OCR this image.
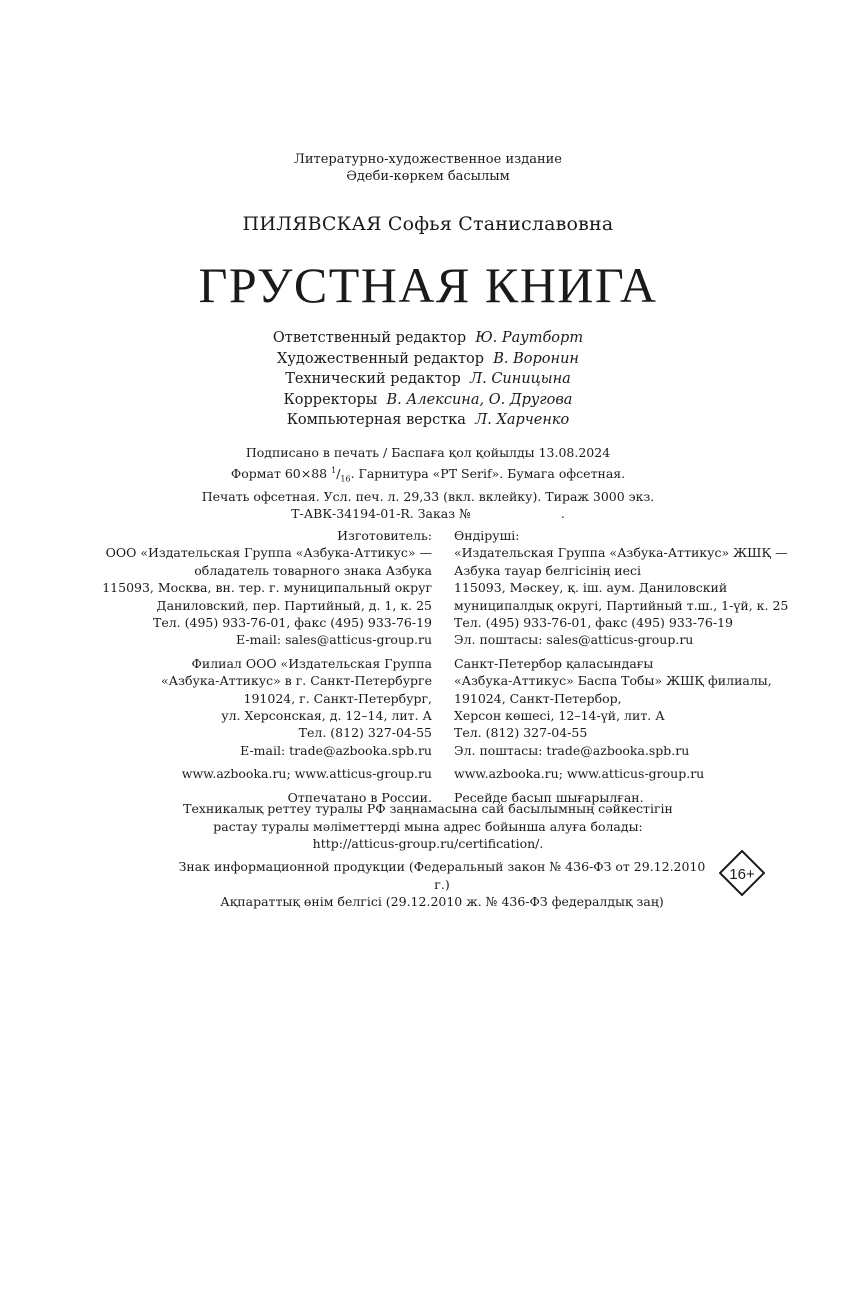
Литературно-художественное издание
Әдеби-көркем басылым
ПИЛЯВСКАЯ Софья Станиславовна
ГРУСТНАЯ КНИГА
Ответственный редактор Ю. Раутборт
Художественный редактор В. Воронин
Технический редактор Л. Синицына
Корректоры В. Алексина, О. Другова
Компьютерная верстка Л. Харченко
Подписано в печать / Баспаға қол қойылды 13.08.2024
Формат 60×88 $^1/_{16}$. Гарнитура «PT Serif». Бумага офсетная.
Печать офсетная. Усл. печ. л. 29,33 (вкл. вклейку). Тираж 3000 экз.
Т-АВК-34194-01-R. Заказ №	.
Изготовитель:
ООО «Издательская Группа «Азбука-Аттикус» —
обладатель товарного знака Азбука
115093, Москва, вн. тер. г. муниципальный округ
Даниловский, пер. Партийный, д. 1, к. 25
Тел. (495) 933-76-01, факс (495) 933-76-19
E-mail: sales@atticus-group.ru
Филиал ООО «Издательская Группа
«Азбука-Аттикус» в г. Санкт-Петербурге
191024, г. Санкт-Петербург,
ул. Херсонская, д. 12–14, лит. А
Тел. (812) 327-04-55
E-mail: trade@azbooka.spb.ru
www.azbooka.ru; www.atticus-group.ru
Отпечатано в России.
Өндіруші:
«Издательская Группа «Азбука-Аттикус» ЖШҚ —
Азбука тауар белгісінің иесі
115093, Мәскеу, қ. іш. аум. Даниловский
муниципалдық округі, Партийный т.ш., 1-үй, к. 25
Тел. (495) 933-76-01, факс (495) 933-76-19
Эл. поштасы: sales@atticus-group.ru
Санкт-Петербор қаласындағы
«Азбука-Аттикус» Баспа Тобы» ЖШҚ филиалы,
191024, Санкт-Петербор,
Херсон көшесі, 12–14-үй, лит. А
Тел. (812) 327-04-55
Эл. поштасы: trade@azbooka.spb.ru
www.azbooka.ru; www.atticus-group.ru
Ресейде басып шығарылған.
Техникалық реттеу туралы РФ заңнамасына сай басылымның сәйкестігін
растау туралы мәліметтерді мына адрес бойынша алуға болады:
http://atticus-group.ru/certification/.
Знак информационной продукции (Федеральный закон № 436-ФЗ от 29.12.2010 г.)
Ақпараттық өнім белгісі (29.12.2010 ж. № 436-ФЗ федералдық заң)
16+
